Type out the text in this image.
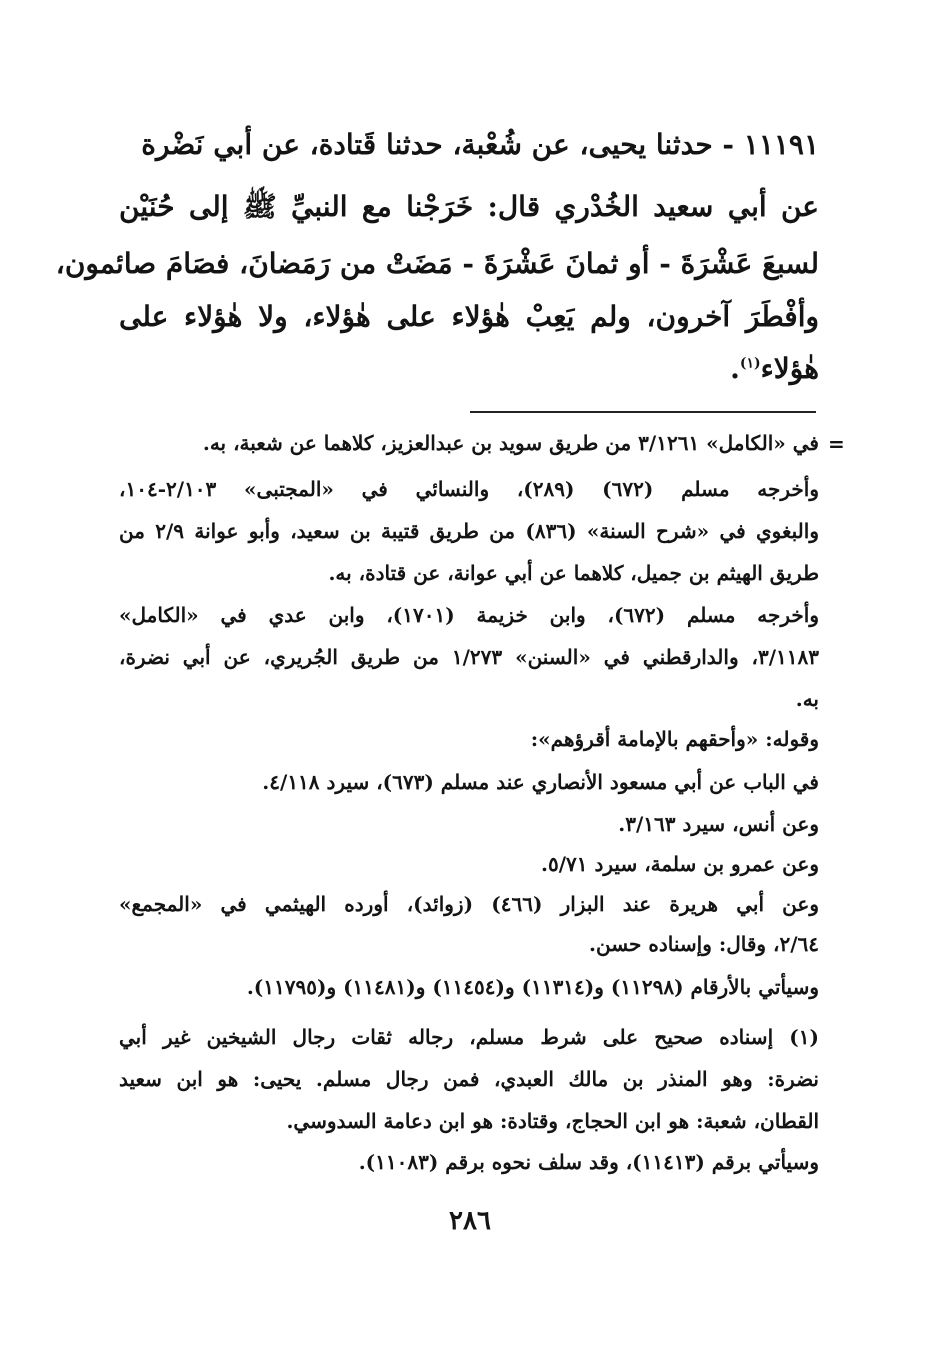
١١١٩١ - حدثنا يحيى، عن شُعْبة، حدثنا قَتادة، عن أبي نَضْرة

عن أبي سعيد الخُدْري قال: خَرَجْنا مع النبيِّ ﷺ إلى حُنَيْن

لسبعَ عَشْرَةَ - أو ثمانَ عَشْرَةَ - مَضَتْ من رَمَضانَ، فصَامَ صائمون،

وأفْطَرَ آخرون، ولم يَعِبْ هٰؤلاء على هٰؤلاء، ولا هٰؤلاء على

هٰؤلاء$^{(١)}$.

=

في «الكامل» ٣/١٢٦١ من طريق سويد بن عبدالعزيز، كلاهما عن شعبة، به.

وأخرجه مسلم (٦٧٢) (٢٨٩)، والنسائي في «المجتبى» ٢/١٠٣-١٠٤،

والبغوي في «شرح السنة» (٨٣٦) من طريق قتيبة بن سعيد، وأبو عوانة ٢/٩ من

طريق الهيثم بن جميل، كلاهما عن أبي عوانة، عن قتادة، به.

وأخرجه مسلم (٦٧٢)، وابن خزيمة (١٧٠١)، وابن عدي في «الكامل»

٣/١١٨٣، والدارقطني في «السنن» ١/٢٧٣ من طريق الجُريري، عن أبي نضرة،

به.

وقوله: «وأحقهم بالإمامة أقرؤهم»:

في الباب عن أبي مسعود الأنصاري عند مسلم (٦٧٣)، سيرد ٤/١١٨.

وعن أنس، سيرد ٣/١٦٣.

وعن عمرو بن سلمة، سيرد ٥/٧١.

وعن أبي هريرة عند البزار (٤٦٦) (زوائد)، أورده الهيثمي في «المجمع»

٢/٦٤، وقال: وإسناده حسن.

وسيأتي بالأرقام (١١٢٩٨) و(١١٣١٤) و(١١٤٥٤) و(١١٤٨١) و(١١٧٩٥).

(١) إسناده صحيح على شرط مسلم، رجاله ثقات رجال الشيخين غير أبي

نضرة: وهو المنذر بن مالك العبدي، فمن رجال مسلم. يحيى: هو ابن سعيد

القطان، شعبة: هو ابن الحجاج، وقتادة: هو ابن دعامة السدوسي.

وسيأتي برقم (١١٤١٣)، وقد سلف نحوه برقم (١١٠٨٣).

٢٨٦
